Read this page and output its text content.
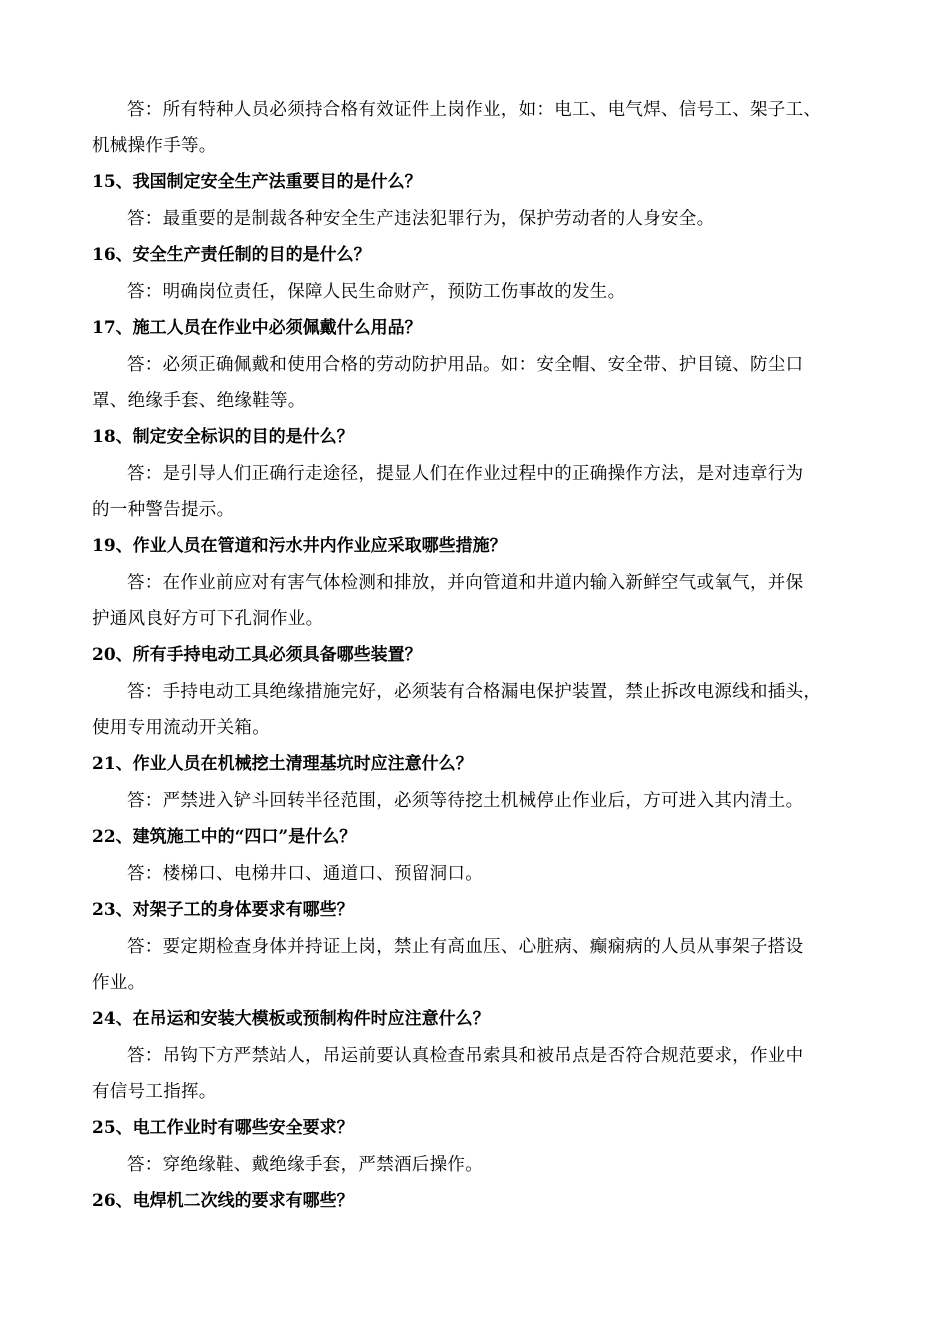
答：所有特种人员必须持合格有效证件上岗作业，如：电工、电气焊、信号工、架子工、
机械操作手等。
15、我国制定安全生产法重要目的是什么？
答：最重要的是制裁各种安全生产违法犯罪行为，保护劳动者的人身安全。
16、安全生产责任制的目的是什么？
答：明确岗位责任，保障人民生命财产，预防工伤事故的发生。
17、施工人员在作业中必须佩戴什么用品？
答：必须正确佩戴和使用合格的劳动防护用品。如：安全帽、安全带、护目镜、防尘口
罩、绝缘手套、绝缘鞋等。
18、制定安全标识的目的是什么？
答：是引导人们正确行走途径，提显人们在作业过程中的正确操作方法，是对违章行为
的一种警告提示。
19、作业人员在管道和污水井内作业应采取哪些措施？
答：在作业前应对有害气体检测和排放，并向管道和井道内输入新鲜空气或氧气，并保
护通风良好方可下孔洞作业。
20、所有手持电动工具必须具备哪些装置？
答：手持电动工具绝缘措施完好，必须装有合格漏电保护装置，禁止拆改电源线和插头，
使用专用流动开关箱。
21、作业人员在机械挖土清理基坑时应注意什么？
答：严禁进入铲斗回转半径范围，必须等待挖土机械停止作业后，方可进入其内清土。
22、建筑施工中的“四口”是什么？
答：楼梯口、电梯井口、通道口、预留洞口。
23、对架子工的身体要求有哪些？
答：要定期检查身体并持证上岗，禁止有高血压、心脏病、癫痫病的人员从事架子搭设
作业。
24、在吊运和安装大模板或预制构件时应注意什么？
答：吊钩下方严禁站人，吊运前要认真检查吊索具和被吊点是否符合规范要求，作业中
有信号工指挥。
25、电工作业时有哪些安全要求？
答：穿绝缘鞋、戴绝缘手套，严禁酒后操作。
26、电焊机二次线的要求有哪些？
